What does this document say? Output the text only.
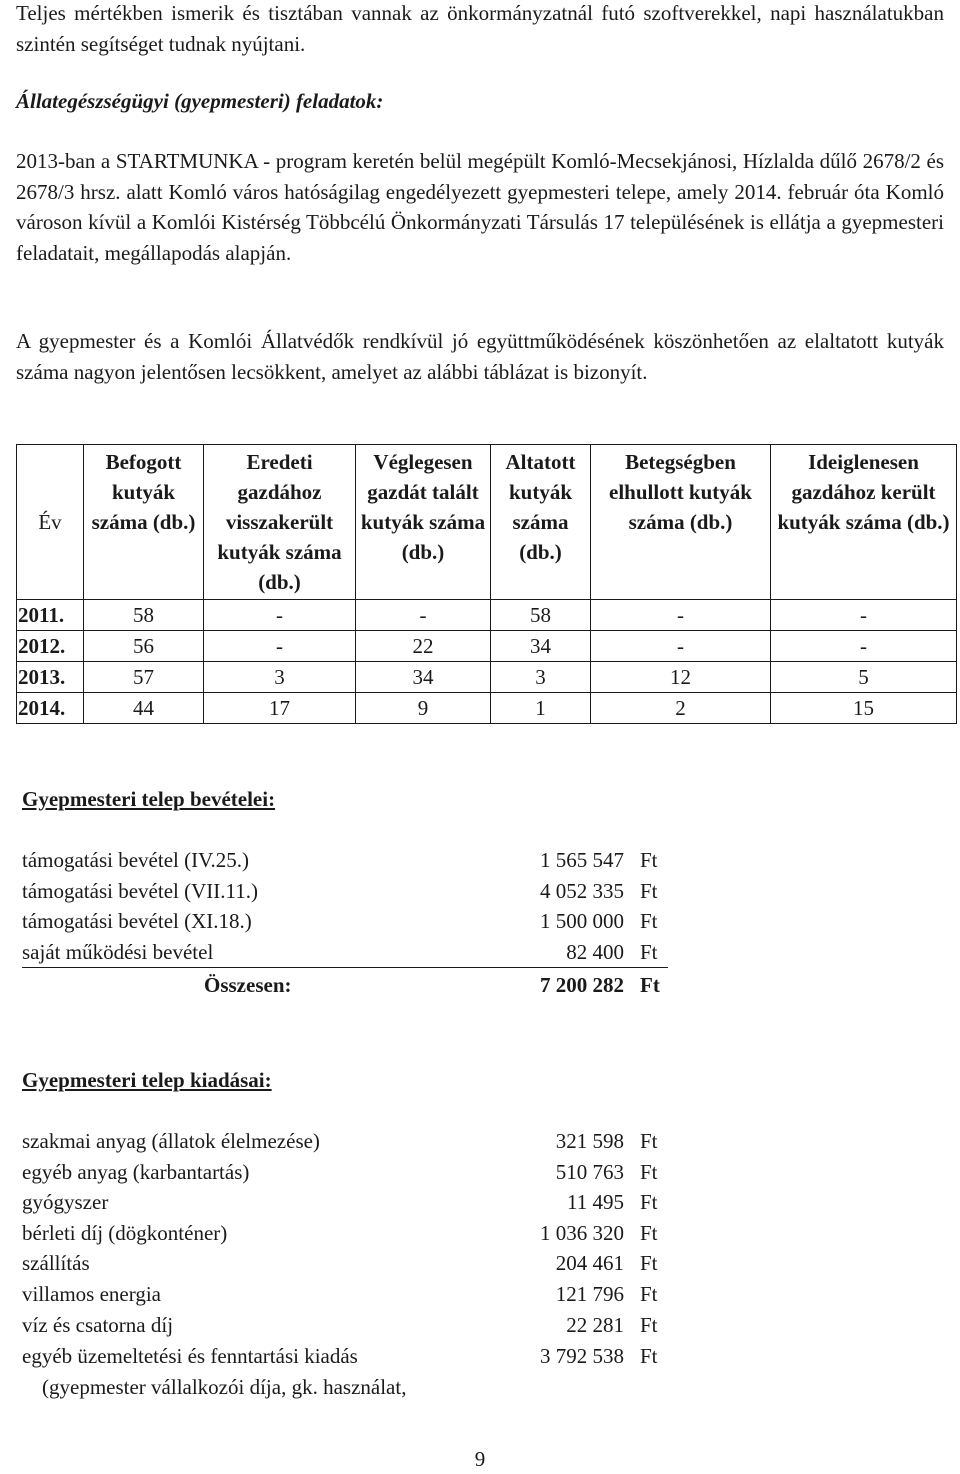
Teljes mértékben ismerik és tisztában vannak az önkormányzatnál futó szoftverekkel, napi használatukban szintén segítséget tudnak nyújtani.

Állategészségügyi (gyepmesteri) feladatok:

2013-ban a STARTMUNKA - program keretén belül megépült Komló-Mecsekjánosi, Hízlalda dűlő 2678/2 és 2678/3 hrsz. alatt Komló város hatóságilag engedélyezett gyepmesteri telepe, amely 2014. február óta Komló városon kívül a Komlói Kistérség Többcélú Önkormányzati Társulás 17 településének is ellátja a gyepmesteri feladatait, megállapodás alapján.

A gyepmester és a Komlói Állatvédők rendkívül jó együttműködésének köszönhetően az elaltatott kutyák száma nagyon jelentősen lecsökkent, amelyet az alábbi táblázat is bizonyít.

Év	Befogott kutyák száma (db.)	Eredeti gazdához visszakerült kutyák száma (db.)	Véglegesen gazdát talált kutyák száma (db.)	Altatott kutyák száma (db.)	Betegségben elhullott kutyák száma (db.)	Ideiglenesen gazdához került kutyák száma (db.)
2011.	58	-	-	58	-	-
2012.	56	-	22	34	-	-
2013.	57	3	34	3	12	5
2014.	44	17	9	1	2	15

Gyepmesteri telep bevételei:

támogatási bevétel (IV.25.)	1 565 547 Ft
támogatási bevétel (VII.11.)	4 052 335 Ft
támogatási bevétel (XI.18.)	1 500 000 Ft
saját működési bevétel	82 400 Ft
Összesen:	7 200 282 Ft

Gyepmesteri telep kiadásai:

szakmai anyag (állatok élelmezése)	321 598 Ft
egyéb anyag (karbantartás)	510 763 Ft
gyógyszer	11 495 Ft
bérleti díj (dögkonténer)	1 036 320 Ft
szállítás	204 461 Ft
villamos energia	121 796 Ft
víz és csatorna díj	22 281 Ft
egyéb üzemeltetési és fenntartási kiadás	3 792 538 Ft
(gyepmester vállalkozói díja, gk. használat,
9
